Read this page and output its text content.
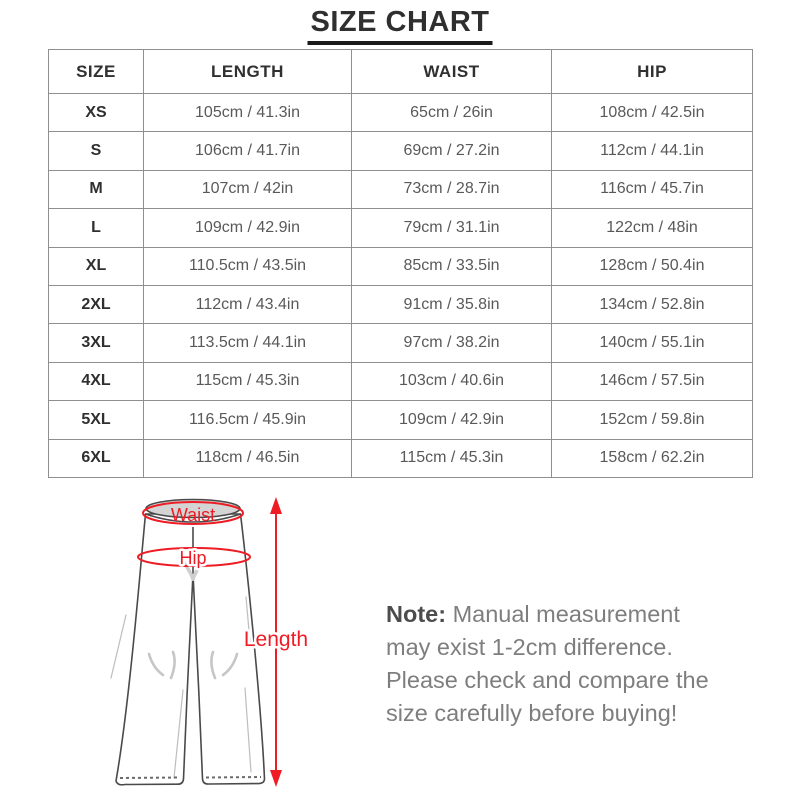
SIZE CHART
SIZE	LENGTH	WAIST	HIP
XS	105cm / 41.3in	65cm / 26in	108cm / 42.5in
S	106cm / 41.7in	69cm / 27.2in	112cm / 44.1in
M	107cm / 42in	73cm / 28.7in	116cm / 45.7in
L	109cm / 42.9in	79cm / 31.1in	122cm / 48in
XL	110.5cm / 43.5in	85cm / 33.5in	128cm / 50.4in
2XL	112cm / 43.4in	91cm / 35.8in	134cm / 52.8in
3XL	113.5cm / 44.1in	97cm / 38.2in	140cm / 55.1in
4XL	115cm / 45.3in	103cm / 40.6in	146cm / 57.5in
5XL	116.5cm / 45.9in	109cm / 42.9in	152cm / 59.8in
6XL	118cm / 46.5in	115cm / 45.3in	158cm / 62.2in
Waist
Hip
Length

Note: Manual measurement may exist 1-2cm difference. Please check and compare the size carefully before buying!
